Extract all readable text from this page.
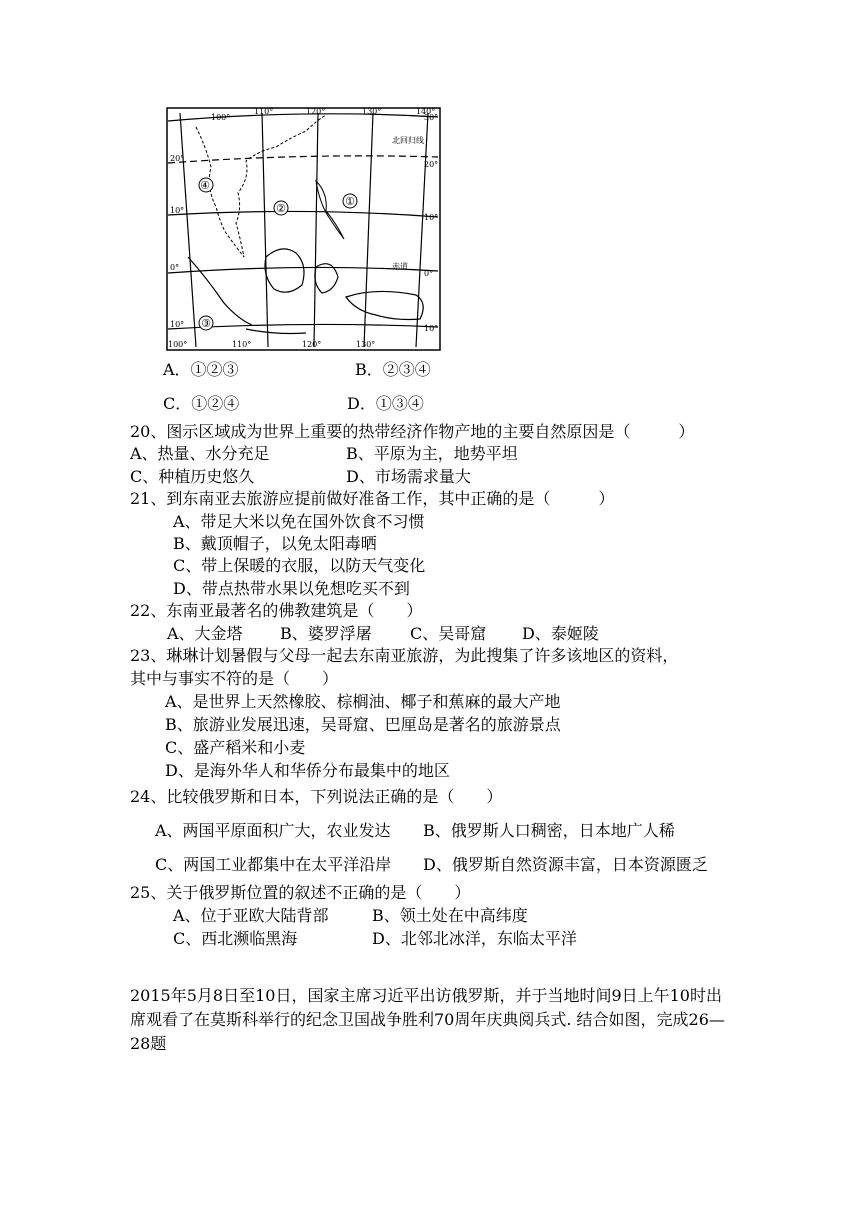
④
②
①
③
100°
110°	120°	130°	140°
30°
20°
10°
0°
10°
20°
10°
0°
10°
100°	110°	120°	130°
北回归线
赤道
A．①②③	B．②③④
C．①②④	D．①③④
20、图示区域成为世界上重要的热带经济作物产地的主要自然原因是（　　　）
A、热量、水分充足	B、平原为主，地势平坦
C、种植历史悠久	D、市场需求量大
21、到东南亚去旅游应提前做好准备工作，其中正确的是（　　　）
A、带足大米以免在国外饮食不习惯
B、戴顶帽子，以免太阳毒晒
C、带上保暖的衣服，以防天气变化
D、带点热带水果以免想吃买不到
22、东南亚最著名的佛教建筑是（　　）
A、大金塔 B、婆罗浮屠 C、吴哥窟 D、泰姬陵
23、琳琳计划暑假与父母一起去东南亚旅游，为此搜集了许多该地区的资料，
其中与事实不符的是（　　）
A、是世界上天然橡胶、棕榈油、椰子和蕉麻的最大产地
B、旅游业发展迅速，吴哥窟、巴厘岛是著名的旅游景点
C、盛产稻米和小麦
D、是海外华人和华侨分布最集中的地区
24、比较俄罗斯和日本，下列说法正确的是（　　）
A、两国平原面积广大，农业发达 B、俄罗斯人口稠密，日本地广人稀
C、两国工业都集中在太平洋沿岸 D、俄罗斯自然资源丰富，日本资源匮乏
25、关于俄罗斯位置的叙述不正确的是（　　）
A、位于亚欧大陆背部	B、领土处在中高纬度
C、西北濒临黑海	D、北邻北冰洋，东临太平洋
2015年5月8日至10日，国家主席习近平出访俄罗斯，并于当地时间9日上午10时出席观看了在莫斯科举行的纪念卫国战争胜利70周年庆典阅兵式. 结合如图，完成26—28题
